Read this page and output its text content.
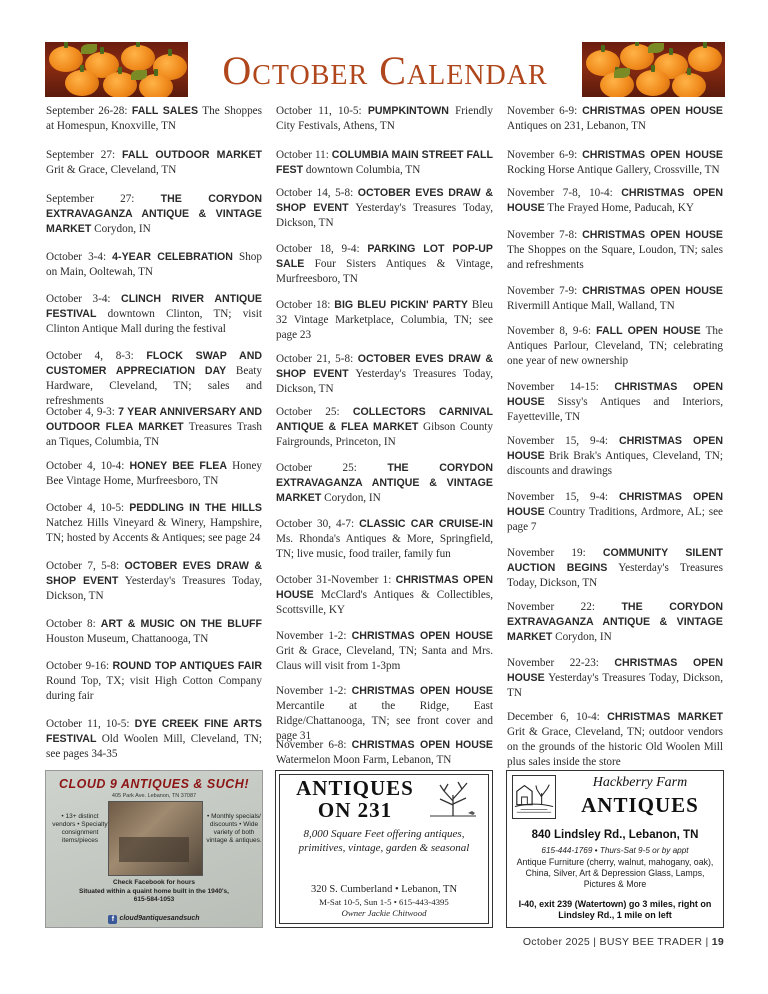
October Calendar

September 26-28: FALL SALES The Shoppes at Homespun, Knoxville, TN

September 27: FALL OUTDOOR MARKET Grit & Grace, Cleveland, TN

September 27: THE CORYDON EXTRAVAGANZA ANTIQUE & VINTAGE MARKET Corydon, IN

October 3-4: 4-YEAR CELEBRATION Shop on Main, Ooltewah, TN

October 3-4: CLINCH RIVER ANTIQUE FESTIVAL downtown Clinton, TN; visit Clinton Antique Mall during the festival

October 4, 8-3: FLOCK SWAP AND CUSTOMER APPRECIATION DAY Beaty Hardware, Cleveland, TN; sales and refreshments

October 4, 9-3: 7 YEAR ANNIVERSARY AND OUTDOOR FLEA MARKET Treasures Trash an Tiques, Columbia, TN

October 4, 10-4: HONEY BEE FLEA Honey Bee Vintage Home, Murfreesboro, TN

October 4, 10-5: PEDDLING IN THE HILLS Natchez Hills Vineyard & Winery, Hampshire, TN; hosted by Accents & Antiques; see page 24

October 7, 5-8: OCTOBER EVES DRAW & SHOP EVENT Yesterday's Treasures Today, Dickson, TN

October 8: ART & MUSIC ON THE BLUFF Houston Museum, Chattanooga, TN

October 9-16: ROUND TOP ANTIQUES FAIR Round Top, TX; visit High Cotton Company during fair

October 11, 10-5: DYE CREEK FINE ARTS FESTIVAL Old Woolen Mill, Cleveland, TN; see pages 34-35

October 11, 10-5: PUMPKINTOWN Friendly City Festivals, Athens, TN

October 11: COLUMBIA MAIN STREET FALL FEST downtown Columbia, TN

October 14, 5-8: OCTOBER EVES DRAW & SHOP EVENT Yesterday's Treasures Today, Dickson, TN

October 18, 9-4: PARKING LOT POP-UP SALE Four Sisters Antiques & Vintage, Murfreesboro, TN

October 18: BIG BLEU PICKIN' PARTY Bleu 32 Vintage Marketplace, Columbia, TN; see page 23

October 21, 5-8: OCTOBER EVES DRAW & SHOP EVENT Yesterday's Treasures Today, Dickson, TN

October 25: COLLECTORS CARNIVAL ANTIQUE & FLEA MARKET Gibson County Fairgrounds, Princeton, IN

October 25: THE CORYDON EXTRAVAGANZA ANTIQUE & VINTAGE MARKET Corydon, IN

October 30, 4-7: CLASSIC CAR CRUISE-IN Ms. Rhonda's Antiques & More, Springfield, TN; live music, food trailer, family fun

October 31-November 1: CHRISTMAS OPEN HOUSE McClard's Antiques & Collectibles, Scottsville, KY

November 1-2: CHRISTMAS OPEN HOUSE Grit & Grace, Cleveland, TN; Santa and Mrs. Claus will visit from 1-3pm

November 1-2: CHRISTMAS OPEN HOUSE Mercantile at the Ridge, East Ridge/Chattanooga, TN; see front cover and page 31

November 6-8: CHRISTMAS OPEN HOUSE Watermelon Moon Farm, Lebanon, TN

November 6-9: CHRISTMAS OPEN HOUSE Antiques on 231, Lebanon, TN

November 6-9: CHRISTMAS OPEN HOUSE Rocking Horse Antique Gallery, Crossville, TN

November 7-8, 10-4: CHRISTMAS OPEN HOUSE The Frayed Home, Paducah, KY

November 7-8: CHRISTMAS OPEN HOUSE The Shoppes on the Square, Loudon, TN; sales and refreshments

November 7-9: CHRISTMAS OPEN HOUSE Rivermill Antique Mall, Walland, TN

November 8, 9-6: FALL OPEN HOUSE The Antiques Parlour, Cleveland, TN; celebrating one year of new ownership

November 14-15: CHRISTMAS OPEN HOUSE Sissy's Antiques and Interiors, Fayetteville, TN

November 15, 9-4: CHRISTMAS OPEN HOUSE Brik Brak's Antiques, Cleveland, TN; discounts and drawings

November 15, 9-4: CHRISTMAS OPEN HOUSE Country Traditions, Ardmore, AL; see page 7

November 19: COMMUNITY SILENT AUCTION BEGINS Yesterday's Treasures Today, Dickson, TN

November 22: THE CORYDON EXTRAVAGANZA ANTIQUE & VINTAGE MARKET Corydon, IN

November 22-23: CHRISTMAS OPEN HOUSE Yesterday's Treasures Today, Dickson, TN

December 6, 10-4: CHRISTMAS MARKET Grit & Grace, Cleveland, TN; outdoor vendors on the grounds of the historic Old Woolen Mill plus sales inside the store

CLOUD 9 ANTIQUES & SUCH!
405 Park Ave. Lebanon, TN 37087
• 13+ distinct vendors • Specialty consignment items/pieces
• Monthly specials/ discounts • Wide variety of both vintage & antiques.
Check Facebook for hours
Situated within a quaint home built in the 1940's,
615-584-1053
f cloud9antiquesandsuch
ANTIQUES ON 231
8,000 Square Feet offering antiques, primitives, vintage, garden & seasonal
320 S. Cumberland • Lebanon, TN
M-Sat 10-5, Sun 1-5 • 615-443-4395
Owner Jackie Chitwood
Hackberry Farm
ANTIQUES
840 Lindsley Rd., Lebanon, TN
615-444-1769 • Thurs-Sat 9-5 or by appt
Antique Furniture (cherry, walnut, mahogany, oak), China, Silver, Art & Depression Glass, Lamps, Pictures & More
I-40, exit 239 (Watertown) go 3 miles, right on Lindsley Rd., 1 mile on left
October 2025 | BUSY BEE TRADER | 19
